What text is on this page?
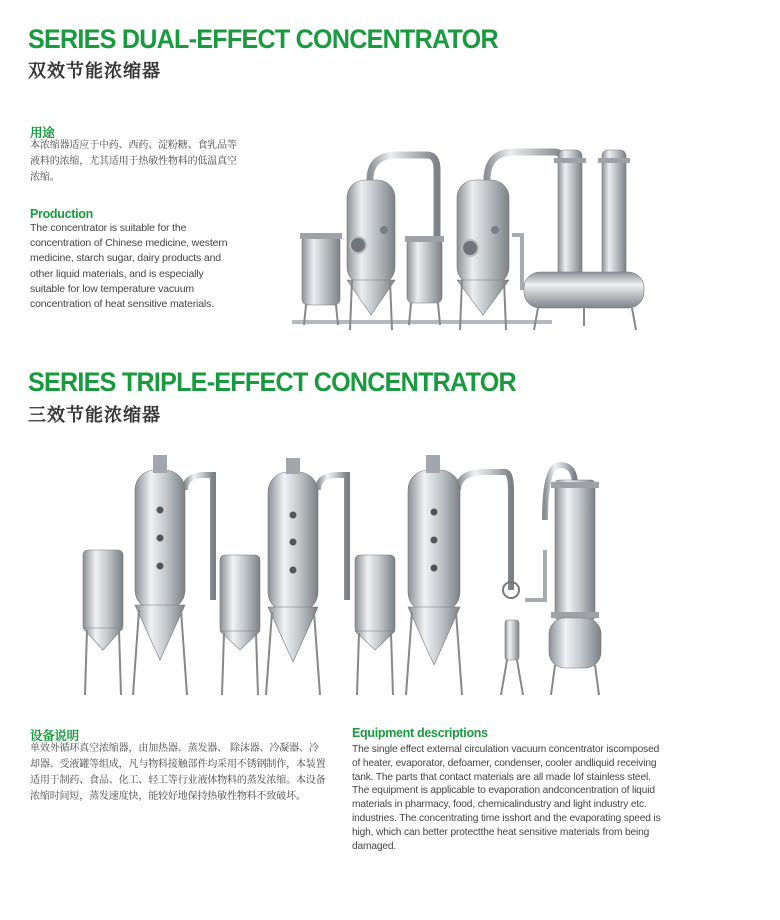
SERIES DUAL-EFFECT CONCENTRATOR
双效节能浓缩器
用途
本浓缩器适应于中药、西药、淀粉糖、食乳品等
液料的浓缩，尤其适用于热敏性物料的低温真空
浓缩。
Production
The concentrator is suitable for the
concentration of Chinese medicine, western
medicine, starch sugar, dairy products and
other liquid materials, and is especially
suitable for low temperature vacuum
concentration of heat sensitive materials.
SERIES TRIPLE-EFFECT CONCENTRATOR
三效节能浓缩器
设备说明
单效外循环真空浓缩器，由加热器、蒸发器、 除沫器、冷凝器、冷
却器、受液罐等组成，凡与物料接触部件均采用不锈钢制作，本装置
适用于制药、食品、化工、轻工等行业液体物料的蒸发浓缩。本设备
浓缩时间短，蒸发速度快，能较好地保持热敏性物料不致破坏。
Equipment descriptions
The single effect external circulation vacuum concentrator iscomposed
of heater, evaporator, defoamer, condenser, cooler andliquid receiving
tank. The parts that contact materials are all made lof stainless steel.
The equipment is applicable to evaporation andconcentration of liquid
materials in pharmacy, food, chemicalindustry and light industry etc.
industries. The concentrating time isshort and the evaporating speed is
high, which can better protectthe heat sensitive materials from being
damaged.
